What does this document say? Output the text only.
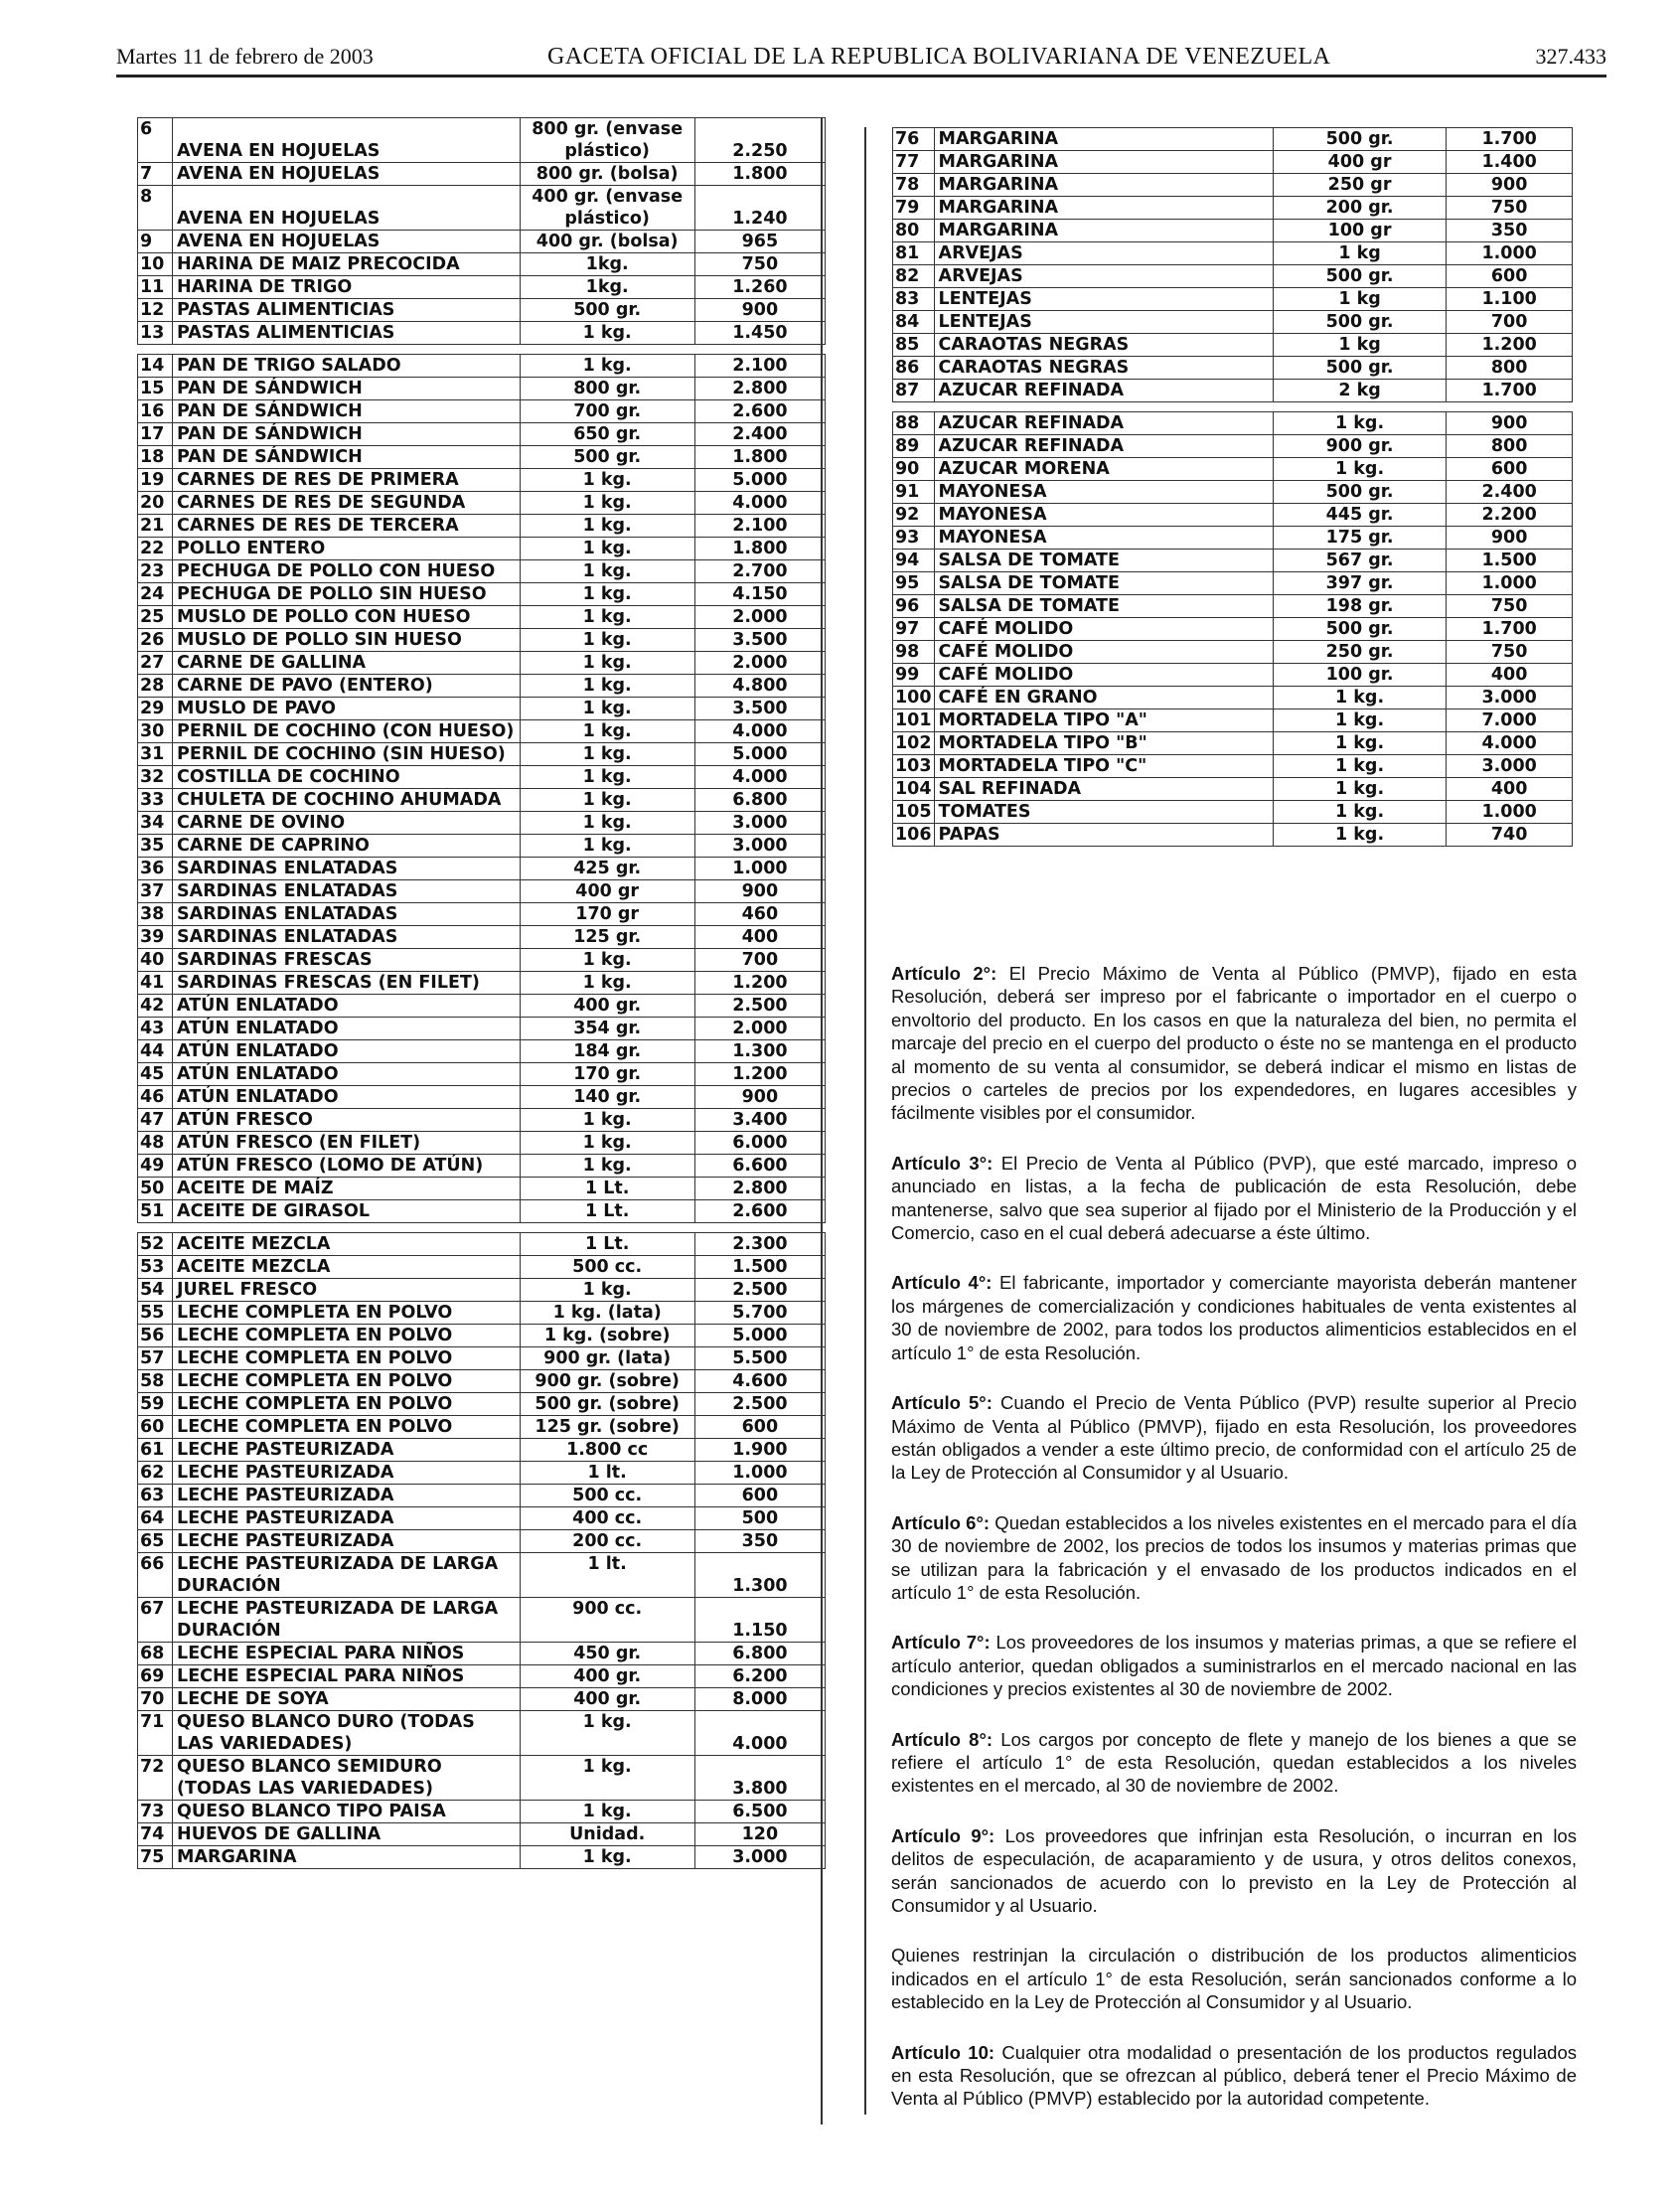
Martes 11 de febrero de 2003	GACETA OFICIAL DE LA REPUBLICA BOLIVARIANA DE VENEZUELA	327.433
6	AVENA EN HOJUELAS	800 gr. (envase plástico)	2.250
7	AVENA EN HOJUELAS	800 gr. (bolsa)	1.800
8	AVENA EN HOJUELAS	400 gr. (envase plástico)	1.240
9	AVENA EN HOJUELAS	400 gr. (bolsa)	965
10	HARINA DE MAIZ PRECOCIDA	1kg.	750
11	HARINA DE TRIGO	1kg.	1.260
12	PASTAS ALIMENTICIAS	500 gr.	900
13	PASTAS ALIMENTICIAS	1 kg.	1.450

14	PAN DE TRIGO SALADO	1 kg.	2.100
15	PAN DE SÁNDWICH	800 gr.	2.800
16	PAN DE SÁNDWICH	700 gr.	2.600
17	PAN DE SÁNDWICH	650 gr.	2.400
18	PAN DE SÁNDWICH	500 gr.	1.800
19	CARNES DE RES DE PRIMERA	1 kg.	5.000
20	CARNES DE RES DE SEGUNDA	1 kg.	4.000
21	CARNES DE RES DE TERCERA	1 kg.	2.100
22	POLLO ENTERO	1 kg.	1.800
23	PECHUGA DE POLLO CON HUESO	1 kg.	2.700
24	PECHUGA DE POLLO SIN HUESO	1 kg.	4.150
25	MUSLO DE POLLO CON HUESO	1 kg.	2.000
26	MUSLO DE POLLO SIN HUESO	1 kg.	3.500
27	CARNE DE GALLINA	1 kg.	2.000
28	CARNE DE PAVO (ENTERO)	1 kg.	4.800
29	MUSLO DE PAVO	1 kg.	3.500
30	PERNIL DE COCHINO (CON HUESO)	1 kg.	4.000
31	PERNIL DE COCHINO (SIN HUESO)	1 kg.	5.000
32	COSTILLA DE COCHINO	1 kg.	4.000
33	CHULETA DE COCHINO AHUMADA	1 kg.	6.800
34	CARNE DE OVINO	1 kg.	3.000
35	CARNE DE CAPRINO	1 kg.	3.000
36	SARDINAS ENLATADAS	425 gr.	1.000
37	SARDINAS ENLATADAS	400 gr	900
38	SARDINAS ENLATADAS	170 gr	460
39	SARDINAS ENLATADAS	125 gr.	400
40	SARDINAS FRESCAS	1 kg.	700
41	SARDINAS FRESCAS (EN FILET)	1 kg.	1.200
42	ATÚN ENLATADO	400 gr.	2.500
43	ATÚN ENLATADO	354 gr.	2.000
44	ATÚN ENLATADO	184 gr.	1.300
45	ATÚN ENLATADO	170 gr.	1.200
46	ATÚN ENLATADO	140 gr.	900
47	ATÚN FRESCO	1 kg.	3.400
48	ATÚN FRESCO (EN FILET)	1 kg.	6.000
49	ATÚN FRESCO (LOMO DE ATÚN)	1 kg.	6.600
50	ACEITE DE MAÍZ	1 Lt.	2.800
51	ACEITE DE GIRASOL	1 Lt.	2.600

52	ACEITE MEZCLA	1 Lt.	2.300
53	ACEITE MEZCLA	500 cc.	1.500
54	JUREL FRESCO	1 kg.	2.500
55	LECHE COMPLETA EN POLVO	1 kg. (lata)	5.700
56	LECHE COMPLETA EN POLVO	1 kg. (sobre)	5.000
57	LECHE COMPLETA EN POLVO	900 gr. (lata)	5.500
58	LECHE COMPLETA EN POLVO	900 gr. (sobre)	4.600
59	LECHE COMPLETA EN POLVO	500 gr. (sobre)	2.500
60	LECHE COMPLETA EN POLVO	125 gr. (sobre)	600
61	LECHE PASTEURIZADA	1.800 cc	1.900
62	LECHE PASTEURIZADA	1 lt.	1.000
63	LECHE PASTEURIZADA	500 cc.	600
64	LECHE PASTEURIZADA	400 cc.	500
65	LECHE PASTEURIZADA	200 cc.	350
66	LECHE PASTEURIZADA DE LARGA DURACIÓN	1 lt.	1.300
67	LECHE PASTEURIZADA DE LARGA DURACIÓN	900 cc.	1.150
68	LECHE ESPECIAL PARA NIÑOS	450 gr.	6.800
69	LECHE ESPECIAL PARA NIÑOS	400 gr.	6.200
70	LECHE DE SOYA	400 gr.	8.000
71	QUESO BLANCO DURO (TODAS LAS VARIEDADES)	1 kg.	4.000
72	QUESO BLANCO SEMIDURO (TODAS LAS VARIEDADES)	1 kg.	3.800
73	QUESO BLANCO TIPO PAISA	1 kg.	6.500
74	HUEVOS DE GALLINA	Unidad.	120
75	MARGARINA	1 kg.	3.000
76	MARGARINA	500 gr.	1.700
77	MARGARINA	400 gr	1.400
78	MARGARINA	250 gr	900
79	MARGARINA	200 gr.	750
80	MARGARINA	100 gr	350
81	ARVEJAS	1 kg	1.000
82	ARVEJAS	500 gr.	600
83	LENTEJAS	1 kg	1.100
84	LENTEJAS	500 gr.	700
85	CARAOTAS NEGRAS	1 kg	1.200
86	CARAOTAS NEGRAS	500 gr.	800
87	AZUCAR REFINADA	2 kg	1.700

88	AZUCAR REFINADA	1 kg.	900
89	AZUCAR REFINADA	900 gr.	800
90	AZUCAR MORENA	1 kg.	600
91	MAYONESA	500 gr.	2.400
92	MAYONESA	445 gr.	2.200
93	MAYONESA	175 gr.	900
94	SALSA DE TOMATE	567 gr.	1.500
95	SALSA DE TOMATE	397 gr.	1.000
96	SALSA DE TOMATE	198 gr.	750
97	CAFÉ MOLIDO	500 gr.	1.700
98	CAFÉ MOLIDO	250 gr.	750
99	CAFÉ MOLIDO	100 gr.	400
100	CAFÉ EN GRANO	1 kg.	3.000
101	MORTADELA TIPO "A"	1 kg.	7.000
102	MORTADELA TIPO "B"	1 kg.	4.000
103	MORTADELA TIPO "C"	1 kg.	3.000
104	SAL REFINADA	1 kg.	400
105	TOMATES	1 kg.	1.000
106	PAPAS	1 kg.	740

Artículo 2°: El Precio Máximo de Venta al Público (PMVP), fijado en esta Resolución, deberá ser impreso por el fabricante o importador en el cuerpo o envoltorio del producto. En los casos en que la naturaleza del bien, no permita el marcaje del precio en el cuerpo del producto o éste no se mantenga en el producto al momento de su venta al consumidor, se deberá indicar el mismo en listas de precios o carteles de precios por los expendedores, en lugares accesibles y fácilmente visibles por el consumidor.

Artículo 3°: El Precio de Venta al Público (PVP), que esté marcado, impreso o anunciado en listas, a la fecha de publicación de esta Resolución, debe mantenerse, salvo que sea superior al fijado por el Ministerio de la Producción y el Comercio, caso en el cual deberá adecuarse a éste último.

Artículo 4°: El fabricante, importador y comerciante mayorista deberán mantener los márgenes de comercialización y condiciones habituales de venta existentes al 30 de noviembre de 2002, para todos los productos alimenticios establecidos en el artículo 1° de esta Resolución.

Artículo 5°: Cuando el Precio de Venta Público (PVP) resulte superior al Precio Máximo de Venta al Público (PMVP), fijado en esta Resolución, los proveedores están obligados a vender a este último precio, de conformidad con el artículo 25 de la Ley de Protección al Consumidor y al Usuario.

Artículo 6°: Quedan establecidos a los niveles existentes en el mercado para el día 30 de noviembre de 2002, los precios de todos los insumos y materias primas que se utilizan para la fabricación y el envasado de los productos indicados en el artículo 1° de esta Resolución.

Artículo 7°: Los proveedores de los insumos y materias primas, a que se refiere el artículo anterior, quedan obligados a suministrarlos en el mercado nacional en las condiciones y precios existentes al 30 de noviembre de 2002.

Artículo 8°: Los cargos por concepto de flete y manejo de los bienes a que se refiere el artículo 1° de esta Resolución, quedan establecidos a los niveles existentes en el mercado, al 30 de noviembre de 2002.

Artículo 9°: Los proveedores que infrinjan esta Resolución, o incurran en los delitos de especulación, de acaparamiento y de usura, y otros delitos conexos, serán sancionados de acuerdo con lo previsto en la Ley de Protección al Consumidor y al Usuario.

Quienes restrinjan la circulación o distribución de los productos alimenticios indicados en el artículo 1° de esta Resolución, serán sancionados conforme a lo establecido en la Ley de Protección al Consumidor y al Usuario.

Artículo 10: Cualquier otra modalidad o presentación de los productos regulados en esta Resolución, que se ofrezcan al público, deberá tener el Precio Máximo de Venta al Público (PMVP) establecido por la autoridad competente.
